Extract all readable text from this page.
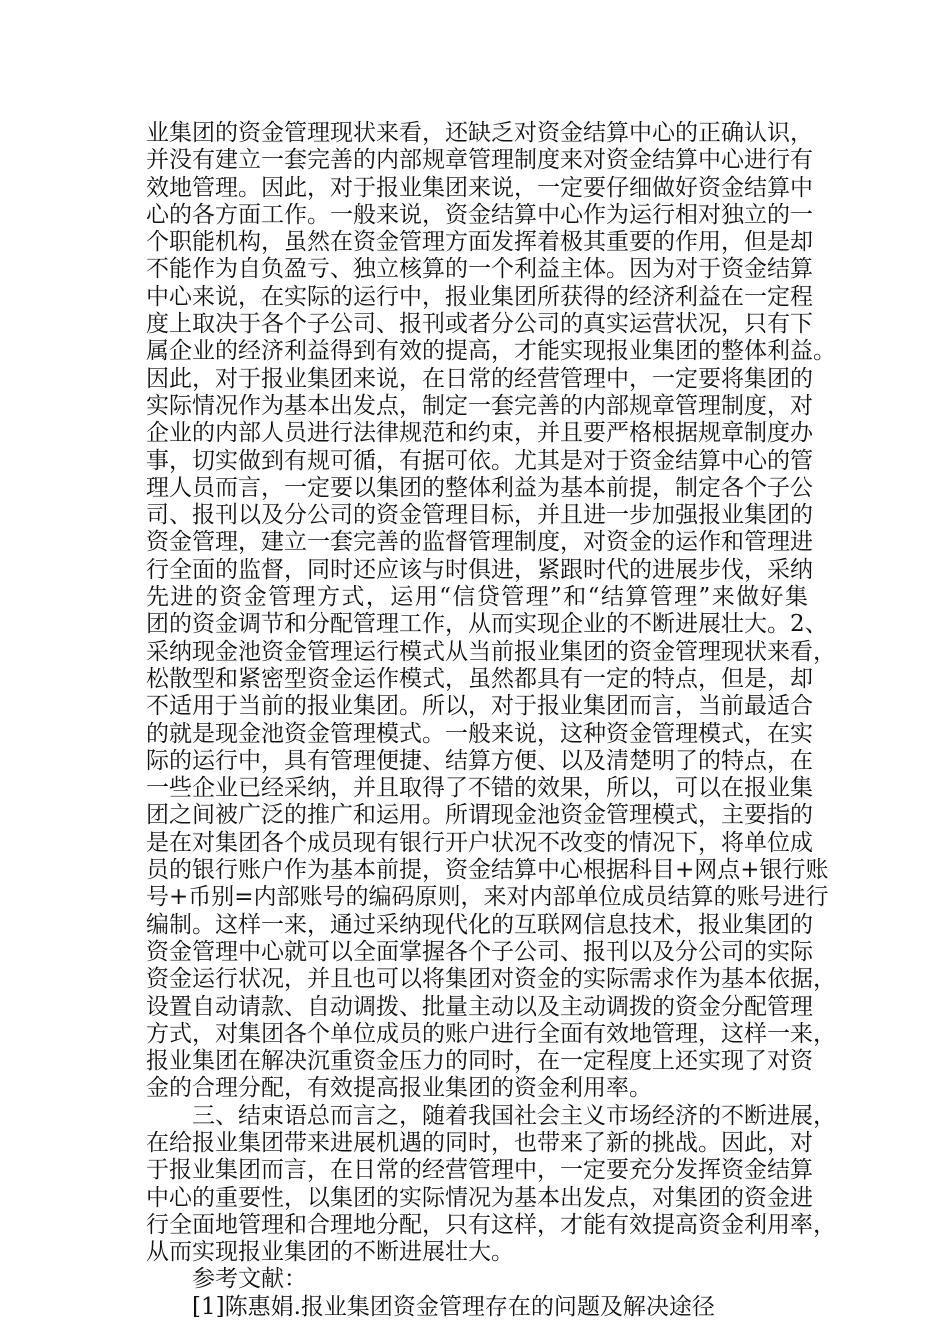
业集团的资金管理现状来看，还缺乏对资金结算中心的正确认识，
并没有建立一套完善的内部规章管理制度来对资金结算中心进行有
效地管理。因此，对于报业集团来说，一定要仔细做好资金结算中
心的各方面工作。一般来说，资金结算中心作为运行相对独立的一
个职能机构，虽然在资金管理方面发挥着极其重要的作用，但是却
不能作为自负盈亏、独立核算的一个利益主体。因为对于资金结算
中心来说，在实际的运行中，报业集团所获得的经济利益在一定程
度上取决于各个子公司、报刊或者分公司的真实运营状况，只有下
属企业的经济利益得到有效的提高，才能实现报业集团的整体利益。
因此，对于报业集团来说，在日常的经营管理中，一定要将集团的
实际情况作为基本出发点，制定一套完善的内部规章管理制度，对
企业的内部人员进行法律规范和约束，并且要严格根据规章制度办
事，切实做到有规可循，有据可依。尤其是对于资金结算中心的管
理人员而言，一定要以集团的整体利益为基本前提，制定各个子公
司、报刊以及分公司的资金管理目标，并且进一步加强报业集团的
资金管理，建立一套完善的监督管理制度，对资金的运作和管理进
行全面的监督，同时还应该与时俱进，紧跟时代的进展步伐，采纳
先进的资金管理方式，运用“信贷管理”和“结算管理”来做好集
团的资金调节和分配管理工作，从而实现企业的不断进展壮大。2、
采纳现金池资金管理运行模式从当前报业集团的资金管理现状来看，
松散型和紧密型资金运作模式，虽然都具有一定的特点，但是，却
不适用于当前的报业集团。所以，对于报业集团而言，当前最适合
的就是现金池资金管理模式。一般来说，这种资金管理模式，在实
际的运行中，具有管理便捷、结算方便、以及清楚明了的特点，在
一些企业已经采纳，并且取得了不错的效果，所以，可以在报业集
团之间被广泛的推广和运用。所谓现金池资金管理模式，主要指的
是在对集团各个成员现有银行开户状况不改变的情况下，将单位成
员的银行账户作为基本前提，资金结算中心根据科目+网点+银行账
号+币别=内部账号的编码原则，来对内部单位成员结算的账号进行
编制。这样一来，通过采纳现代化的互联网信息技术，报业集团的
资金管理中心就可以全面掌握各个子公司、报刊以及分公司的实际
资金运行状况，并且也可以将集团对资金的实际需求作为基本依据，
设置自动请款、自动调拨、批量主动以及主动调拨的资金分配管理
方式，对集团各个单位成员的账户进行全面有效地管理，这样一来，
报业集团在解决沉重资金压力的同时，在一定程度上还实现了对资
金的合理分配，有效提高报业集团的资金利用率。
三、结束语总而言之，随着我国社会主义市场经济的不断进展，
在给报业集团带来进展机遇的同时，也带来了新的挑战。因此，对
于报业集团而言，在日常的经营管理中，一定要充分发挥资金结算
中心的重要性，以集团的实际情况为基本出发点，对集团的资金进
行全面地管理和合理地分配，只有这样，才能有效提高资金利用率，
从而实现报业集团的不断进展壮大。
参考文献：
[1]陈惠娟.报业集团资金管理存在的问题及解决途径
